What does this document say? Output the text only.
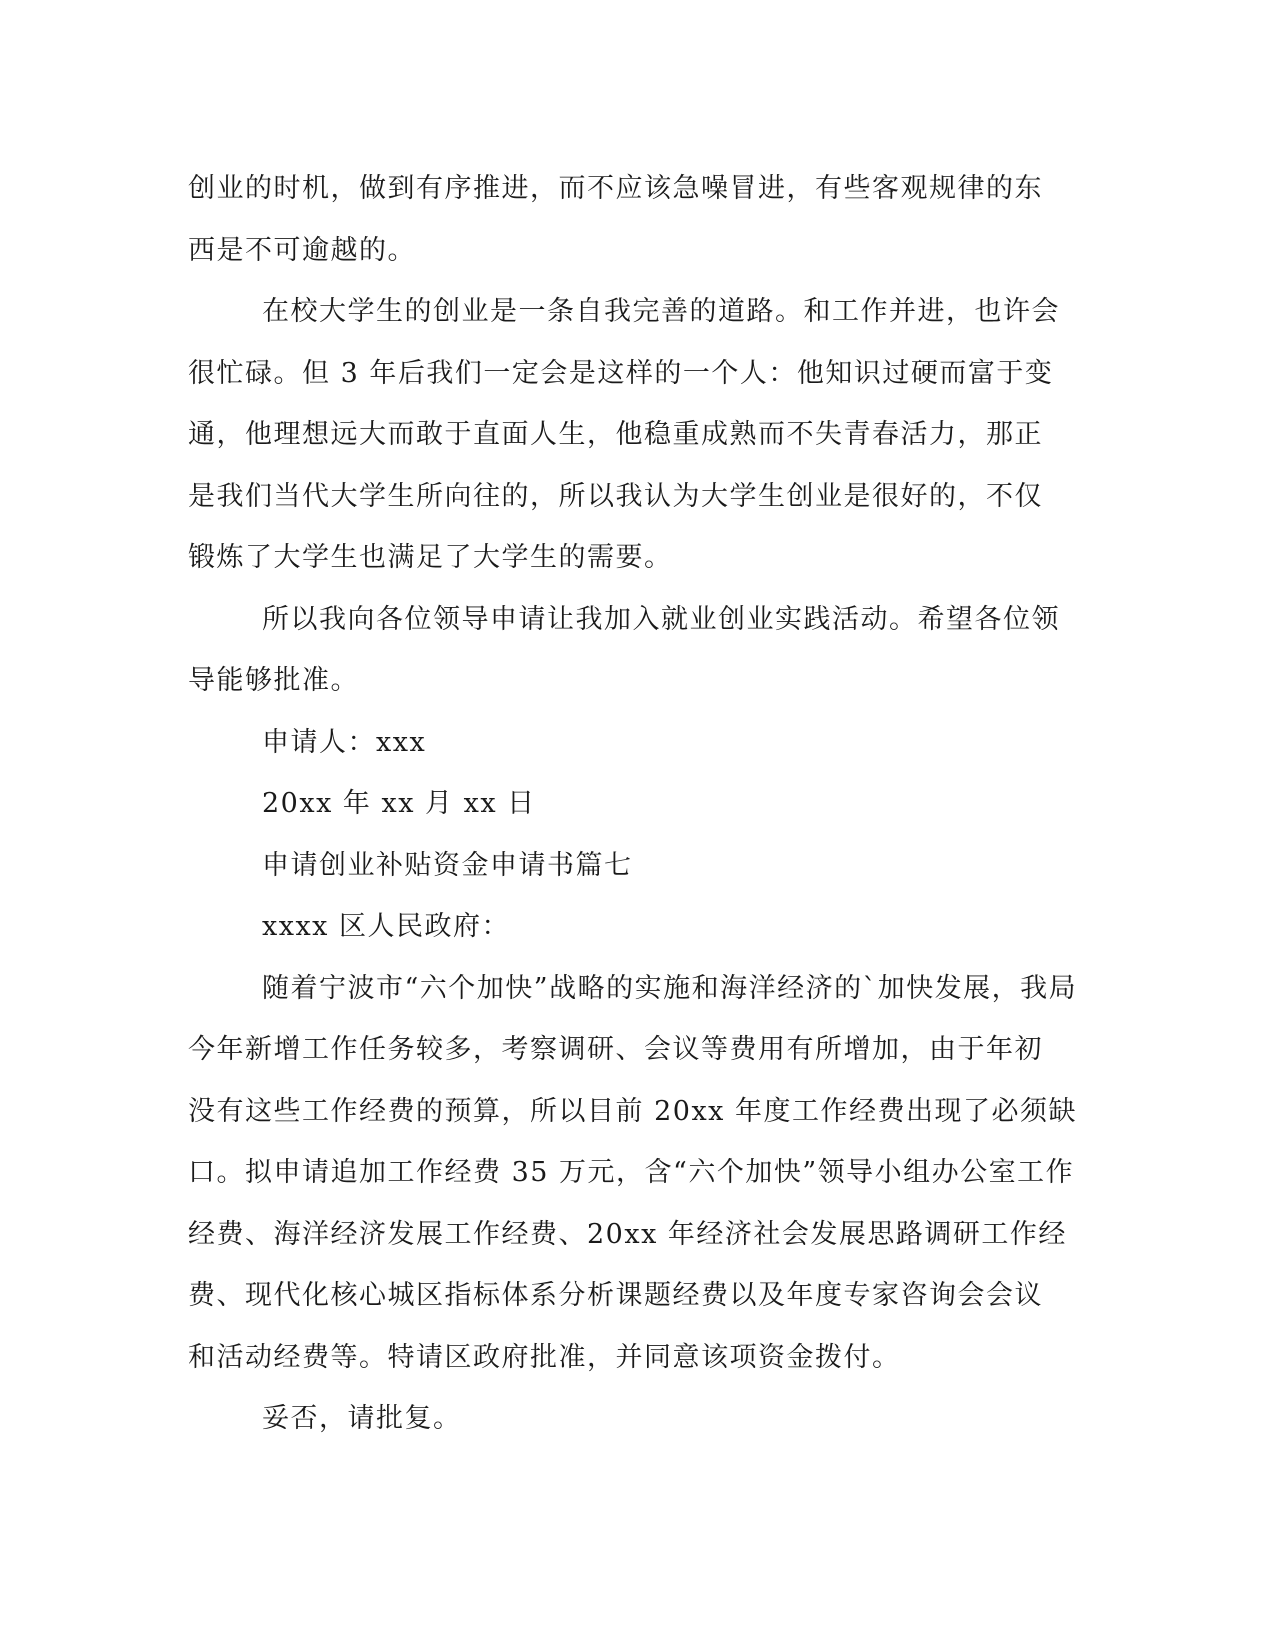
创业的时机，做到有序推进，而不应该急噪冒进，有些客观规律的东
西是不可逾越的。

在校大学生的创业是一条自我完善的道路。和工作并进，也许会
很忙碌。但 3 年后我们一定会是这样的一个人：他知识过硬而富于变
通，他理想远大而敢于直面人生，他稳重成熟而不失青春活力，那正
是我们当代大学生所向往的，所以我认为大学生创业是很好的，不仅
锻炼了大学生也满足了大学生的需要。

所以我向各位领导申请让我加入就业创业实践活动。希望各位领
导能够批准。

申请人：xxx

20xx 年 xx 月 xx 日

申请创业补贴资金申请书篇七

xxxx 区人民政府：

随着宁波市“六个加快”战略的实施和海洋经济的`加快发展，我局
今年新增工作任务较多，考察调研、会议等费用有所增加，由于年初
没有这些工作经费的预算，所以目前 20xx 年度工作经费出现了必须缺
口。拟申请追加工作经费 35 万元，含“六个加快”领导小组办公室工作
经费、海洋经济发展工作经费、20xx 年经济社会发展思路调研工作经
费、现代化核心城区指标体系分析课题经费以及年度专家咨询会会议
和活动经费等。特请区政府批准，并同意该项资金拨付。

妥否，请批复。
